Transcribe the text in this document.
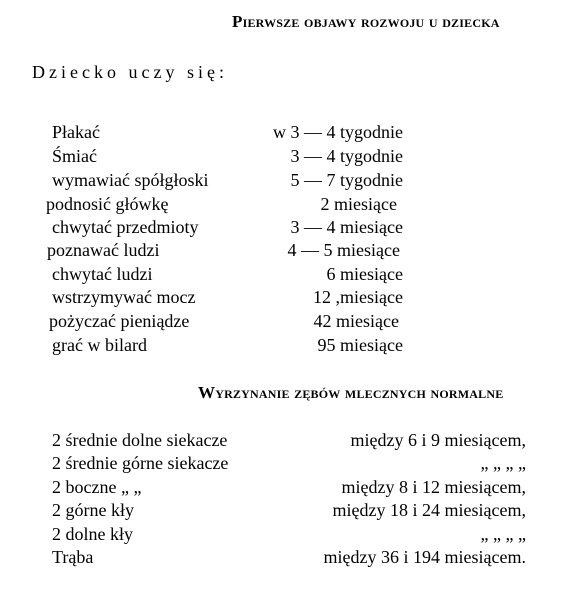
Pierwsze objawy rozwoju u dziecka
Dziecko uczy się:
Płakać	w 3 — 4 tygodnie
Śmiać	3 — 4 tygodnie
wymawiać spółgłoski	5 — 7 tygodnie
podnosić główkę	2 miesiące
chwytać przedmioty	3 — 4 miesiące
poznawać ludzi	4 — 5 miesiące
chwytać ludzi	6 miesiące
wstrzymywać mocz	12 ,miesiące
pożyczać pieniądze	42 miesiące
grać w bilard	95 miesiące
Wyrzynanie zębów mlecznych normalne
2 średnie dolne siekacze	między 6 i 9 miesiącem,
2 średnie górne siekacze	„ „ „ „
2 boczne „ „	między 8 i 12 miesiącem,
2 górne kły	między 18 i 24 miesiącem,
2 dolne kły	„ „ „ „
Trąba	między 36 i 194 miesiącem.
